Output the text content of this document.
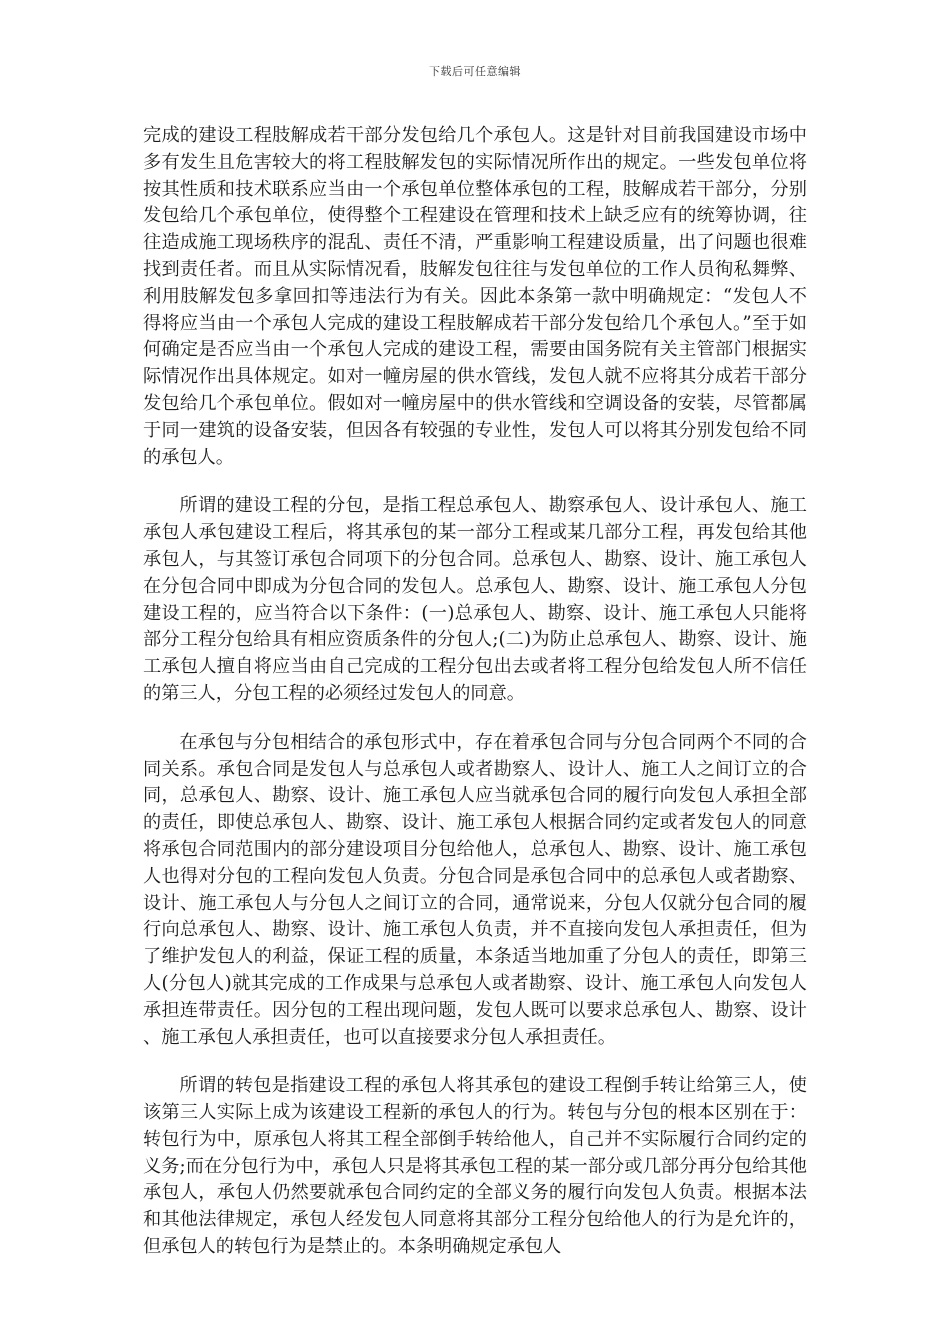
下载后可任意编辑

完成的建设工程肢解成若干部分发包给几个承包人。这是针对目前我国建设市场中多有发生且危害较大的将工程肢解发包的实际情况所作出的规定。一些发包单位将按其性质和技术联系应当由一个承包单位整体承包的工程，肢解成若干部分，分别发包给几个承包单位，使得整个工程建设在管理和技术上缺乏应有的统筹协调，往往造成施工现场秩序的混乱、责任不清，严重影响工程建设质量，出了问题也很难找到责任者。而且从实际情况看，肢解发包往往与发包单位的工作人员徇私舞弊、利用肢解发包多拿回扣等违法行为有关。因此本条第一款中明确规定：“发包人不得将应当由一个承包人完成的建设工程肢解成若干部分发包给几个承包人。”至于如何确定是否应当由一个承包人完成的建设工程，需要由国务院有关主管部门根据实际情况作出具体规定。如对一幢房屋的供水管线，发包人就不应将其分成若干部分发包给几个承包单位。假如对一幢房屋中的供水管线和空调设备的安装，尽管都属于同一建筑的设备安装，但因各有较强的专业性，发包人可以将其分别发包给不同的承包人。

所谓的建设工程的分包，是指工程总承包人、勘察承包人、设计承包人、施工承包人承包建设工程后，将其承包的某一部分工程或某几部分工程，再发包给其他承包人，与其签订承包合同项下的分包合同。总承包人、勘察、设计、施工承包人在分包合同中即成为分包合同的发包人。总承包人、勘察、设计、施工承包人分包建设工程的，应当符合以下条件：(一)总承包人、勘察、设计、施工承包人只能将部分工程分包给具有相应资质条件的分包人;(二)为防止总承包人、勘察、设计、施工承包人擅自将应当由自己完成的工程分包出去或者将工程分包给发包人所不信任的第三人，分包工程的必须经过发包人的同意。

在承包与分包相结合的承包形式中，存在着承包合同与分包合同两个不同的合同关系。承包合同是发包人与总承包人或者勘察人、设计人、施工人之间订立的合同，总承包人、勘察、设计、施工承包人应当就承包合同的履行向发包人承担全部的责任，即使总承包人、勘察、设计、施工承包人根据合同约定或者发包人的同意将承包合同范围内的部分建设项目分包给他人，总承包人、勘察、设计、施工承包人也得对分包的工程向发包人负责。分包合同是承包合同中的总承包人或者勘察、设计、施工承包人与分包人之间订立的合同，通常说来，分包人仅就分包合同的履行向总承包人、勘察、设计、施工承包人负责，并不直接向发包人承担责任，但为了维护发包人的利益，保证工程的质量，本条适当地加重了分包人的责任，即第三人(分包人)就其完成的工作成果与总承包人或者勘察、设计、施工承包人向发包人承担连带责任。因分包的工程出现问题，发包人既可以要求总承包人、勘察、设计、施工承包人承担责任，也可以直接要求分包人承担责任。

所谓的转包是指建设工程的承包人将其承包的建设工程倒手转让给第三人，使该第三人实际上成为该建设工程新的承包人的行为。转包与分包的根本区别在于：转包行为中，原承包人将其工程全部倒手转给他人，自己并不实际履行合同约定的义务;而在分包行为中，承包人只是将其承包工程的某一部分或几部分再分包给其他承包人，承包人仍然要就承包合同约定的全部义务的履行向发包人负责。根据本法和其他法律规定，承包人经发包人同意将其部分工程分包给他人的行为是允许的，但承包人的转包行为是禁止的。本条明确规定承包人
